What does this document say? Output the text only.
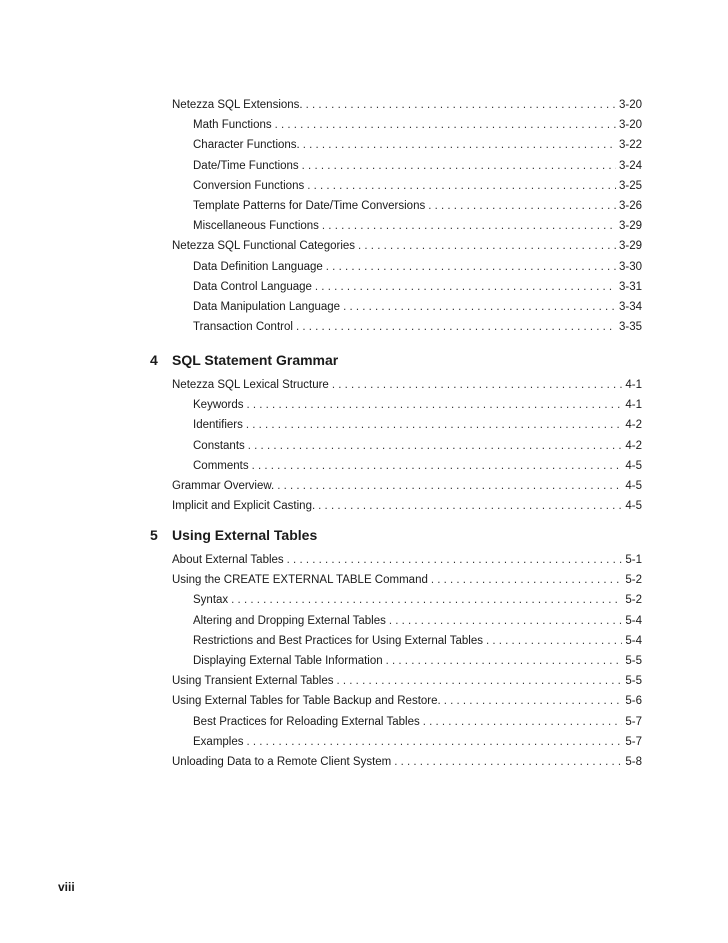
Netezza SQL Extensions. . . .	3-20
Math Functions . . .	3-20
Character Functions. . . .	3-22
Date/Time Functions . . .	3-24
Conversion Functions . . .	3-25
Template Patterns for Date/Time Conversions . . .	3-26
Miscellaneous Functions . . .	3-29
Netezza SQL Functional Categories . . .	3-29
Data Definition Language . . .	3-30
Data Control Language . . .	3-31
Data Manipulation Language . . .	3-34
Transaction Control . . .	3-35
4	SQL Statement Grammar
Netezza SQL Lexical Structure . . .	4-1
Keywords . . .	4-1
Identifiers . . .	4-2
Constants . . .	4-2
Comments . . .	4-5
Grammar Overview. . . .	4-5
Implicit and Explicit Casting. . . .	4-5
5	Using External Tables
About External Tables . . .	5-1
Using the CREATE EXTERNAL TABLE Command . . .	5-2
Syntax . . .	5-2
Altering and Dropping External Tables . . .	5-4
Restrictions and Best Practices for Using External Tables . . .	5-4
Displaying External Table Information . . .	5-5
Using Transient External Tables . . .	5-5
Using External Tables for Table Backup and Restore. . . .	5-6
Best Practices for Reloading External Tables . . .	5-7
Examples . . .	5-7
Unloading Data to a Remote Client System . . .	5-8
viii
